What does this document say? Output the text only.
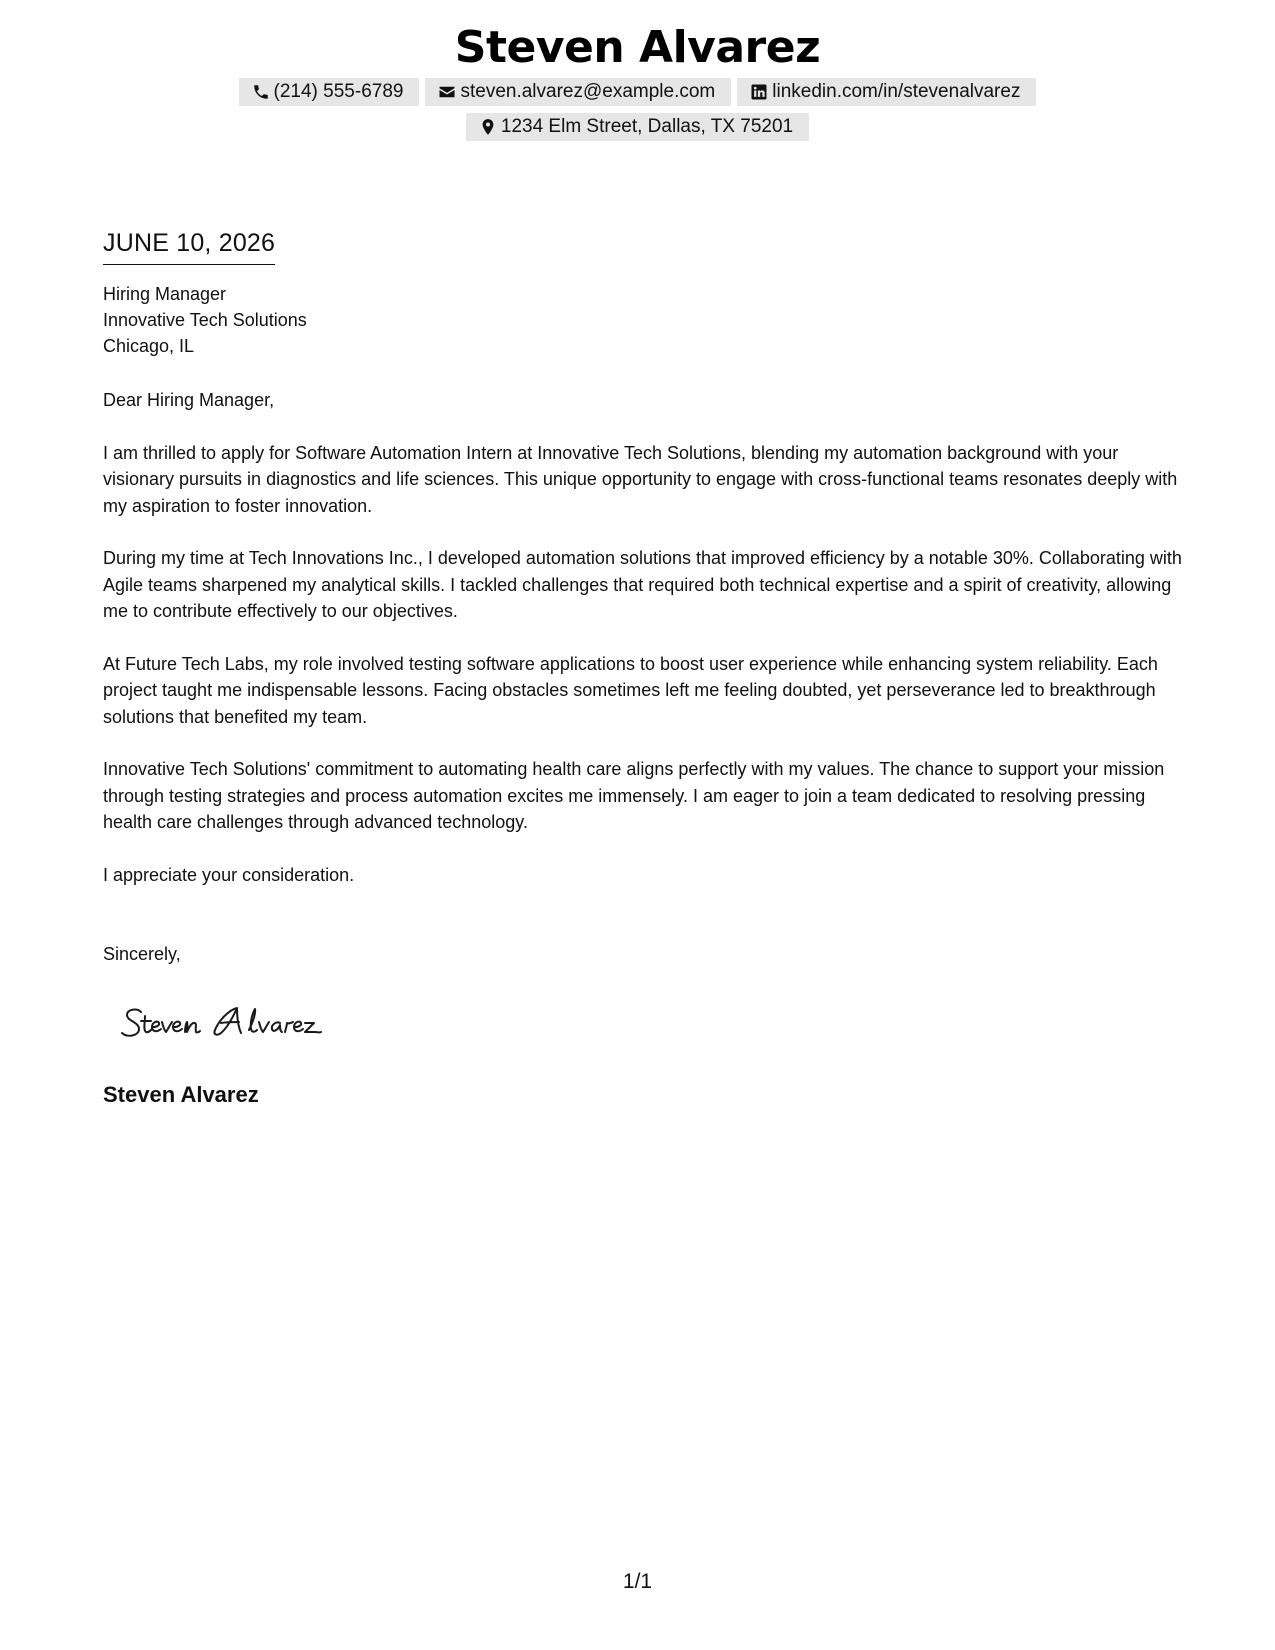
Steven Alvarez
(214) 555-6789	steven.alvarez@example.com	linkedin.com/in/stevenalvarez
1234 Elm Street, Dallas, TX 75201
JUNE 10, 2026
Hiring Manager
Innovative Tech Solutions
Chicago, IL
Dear Hiring Manager,
I am thrilled to apply for Software Automation Intern at Innovative Tech Solutions, blending my automation background with your visionary pursuits in diagnostics and life sciences. This unique opportunity to engage with cross-functional teams resonates deeply with my aspiration to foster innovation.
During my time at Tech Innovations Inc., I developed automation solutions that improved efficiency by a notable 30%. Collaborating with Agile teams sharpened my analytical skills. I tackled challenges that required both technical expertise and a spirit of creativity, allowing me to contribute effectively to our objectives.
At Future Tech Labs, my role involved testing software applications to boost user experience while enhancing system reliability. Each project taught me indispensable lessons. Facing obstacles sometimes left me feeling doubted, yet perseverance led to breakthrough solutions that benefited my team.
Innovative Tech Solutions' commitment to automating health care aligns perfectly with my values. The chance to support your mission through testing strategies and process automation excites me immensely. I am eager to join a team dedicated to resolving pressing health care challenges through advanced technology.
I appreciate your consideration.
Sincerely,
Steven Alvarez
1/1
